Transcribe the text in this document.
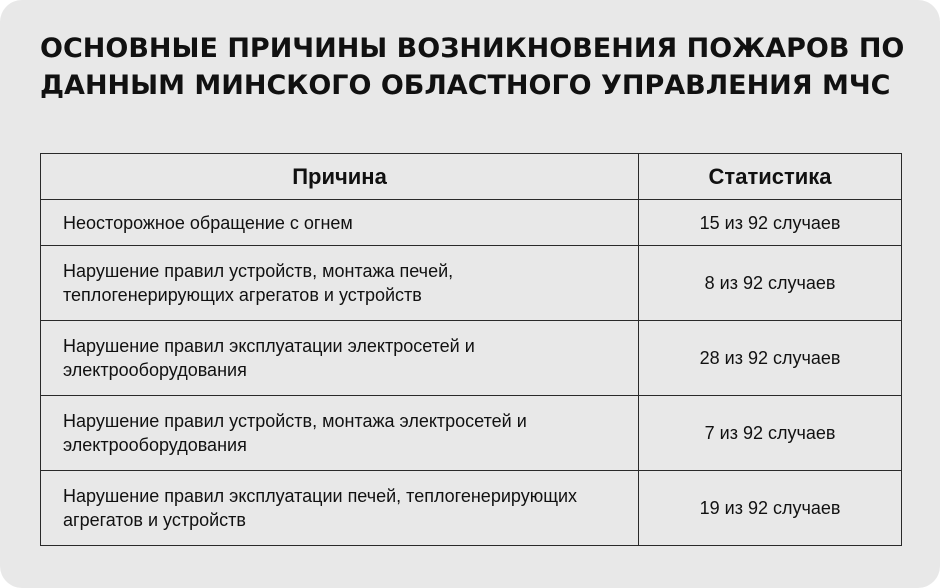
ОСНОВНЫЕ ПРИЧИНЫ ВОЗНИКНОВЕНИЯ ПОЖАРОВ ПО ДАННЫМ МИНСКОГО ОБЛАСТНОГО УПРАВЛЕНИЯ МЧС
Причина	Статистика
Неосторожное обращение с огнем	15 из 92 случаев
Нарушение правил устройств, монтажа печей, теплогенерирующих агрегатов и устройств	8 из 92 случаев
Нарушение правил эксплуатации электросетей и электрооборудования	28 из 92 случаев
Нарушение правил устройств, монтажа электросетей и электрооборудования	7 из 92 случаев
Нарушение правил эксплуатации печей, теплогенерирующих агрегатов и устройств	19 из 92 случаев
